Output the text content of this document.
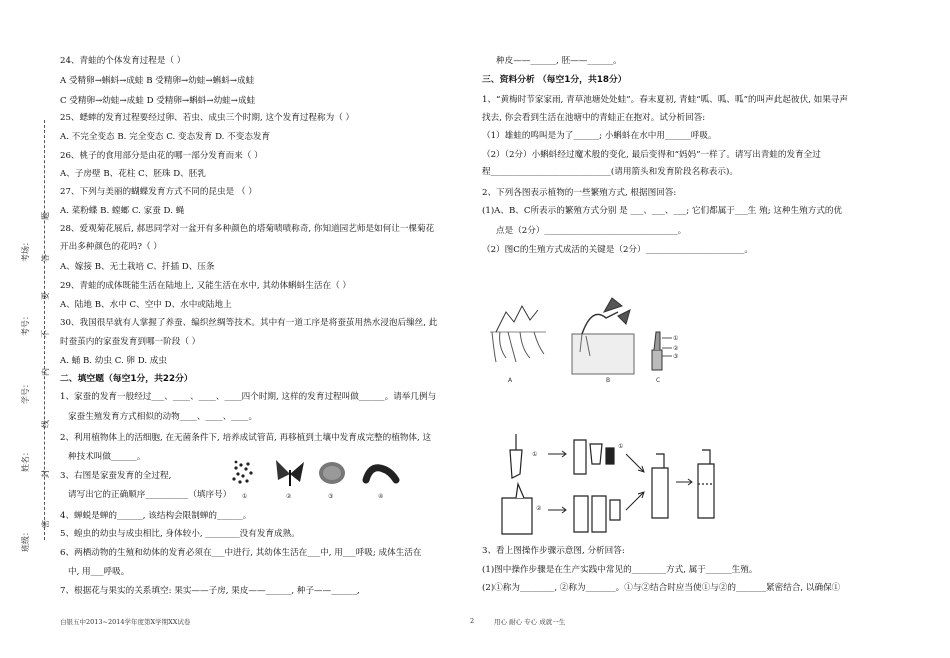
考场：
考号：
学号：
姓名：
班级：
题
答
要
不
内
线
封
密
24、青蛙的个体发育过程是（ ）
A 受精卵→蝌蚪→成蛙 B 受精卵→幼蛙→蝌蚪→成蛙
C 受精卵→幼蛙→成蛙 D 受精卵→蝌蚪→幼蛙→成蛙
25、蟋蟀的发育过程要经过卵、若虫、成虫三个时期, 这个发育过程称为（ ）
A. 不完全变态 B. 完全变态 C. 变态发育 D. 不变态发育
26、桃子的食用部分是由花的哪一部分发育而来（ ）
A、子房壁 B、花柱 C、胚珠 D、胚乳
27、下列与美丽的蝴蝶发育方式不同的昆虫是 （ ）
A. 菜粉蝶 B. 螳螂 C. 家蚕 D. 蝇
28、爱观菊花展后, 郝思同学对一盆开有多种颜色的塔菊啧啧称奇, 你知道园艺师是如何让一棵菊花
开出多种颜色的花吗?（ ）
A、嫁接 B、无土栽培 C、扦插 D、压条
29、青蛙的成体既能生活在陆地上, 又能生活在水中, 其幼体蝌蚪生活在（ ）
A、陆地 B、水中 C、空中 D、水中或陆地上
30、我国很早就有人掌握了养蚕、编织丝绸等技术。其中有一道工序是将蚕茧用热水浸泡后缫丝, 此
时蚕茧内的家蚕发育到哪一阶段（ ）
A. 蛹 B. 幼虫 C. 卵 D. 成虫
二、填空题（每空1分，共22分）
1、家蚕的发育一般经过___、____、____、____四个时期, 这样的发育过程叫做______。请举几例与
家蚕生殖发育方式相似的动物____、____、____。
2、利用植物体上的活细胞, 在无菌条件下, 培养成试管苗, 再移植到土壤中发育成完整的植物体, 这
种技术叫做______。
3、右图是家蚕发育的全过程,
请写出它的正确顺序__________（填序号）
4、蝉蜕是蝉的______, 该结构会限制蝉的______。
5、蝗虫的幼虫与成虫相比, 身体较小, ________没有发育成熟。
6、两栖动物的生殖和幼体的发育必须在___中进行, 其幼体生活在___中, 用___呼吸; 成体生活在
中, 用___呼吸。
7、根据花与果实的关系填空: 果实——子房, 果皮——______, 种子——______,
①	②	③	④
种皮——______, 胚——______。
三、资料分析 （每空1分，共18分）
1、“黄梅时节家家雨, 青草池塘处处蛙”。春末夏初, 青蛙“呱、呱、呱”的叫声此起彼伏, 如果寻声
找去, 你会看到生活在池塘中的青蛙正在抱对。试分析回答:
（1）雄蛙的鸣叫是为了______; 小蝌蚪在水中用______呼吸。
（2）（2分）小蝌蚪经过魔术般的变化, 最后变得和“妈妈”一样了。请写出青蛙的发育全过
程____________________________(请用箭头和发育阶段名称表示)。
2、下列各图表示植物的一些繁殖方式, 根据图回答:
(1)A、B、C所表示的繁殖方式分别 是 ___、___、___; 它们都属于___生 殖; 这种生殖方式的优
点是（2分）_______________________________。
（2）图C的生殖方式成活的关键是（2分）_______________________。
3、看上图操作步骤示意图, 分析回答:
(1)图中操作步骤是在生产实践中常见的________方式, 属于______生殖。
(2)①称为________, ②称为_______。①与②结合时应当使①与②的_______紧密结合, 以确保①
A	B
①
②
③
C
①
②
①
白银五中2013~2014学年度第X学期XX试卷	2	用心 耐心 专心 成就一生
